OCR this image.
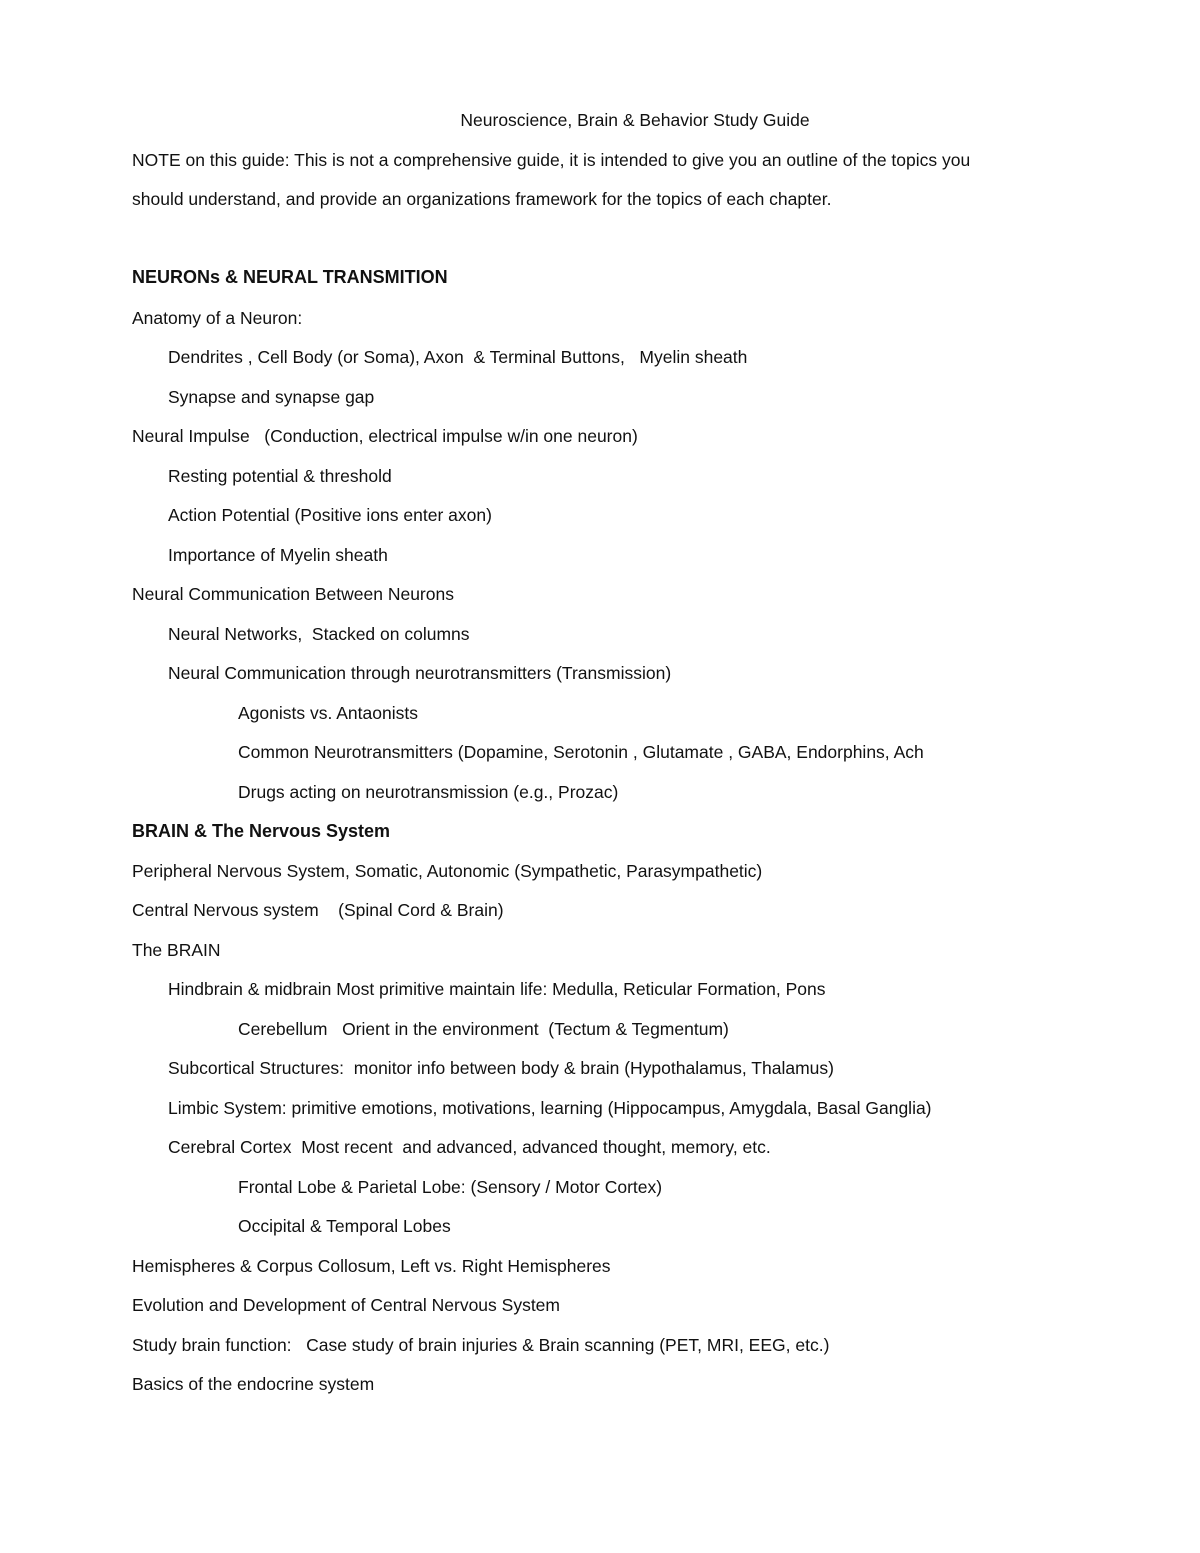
Neuroscience, Brain & Behavior Study Guide

NOTE on this guide: This is not a comprehensive guide, it is intended to give you an outline of the topics you

should understand, and provide an organizations framework for the topics of each chapter.

NEURONs & NEURAL TRANSMITION

Anatomy of a Neuron:

Dendrites , Cell Body (or Soma), Axon  & Terminal Buttons,   Myelin sheath

Synapse and synapse gap

Neural Impulse   (Conduction, electrical impulse w/in one neuron)

Resting potential & threshold

Action Potential (Positive ions enter axon)

Importance of Myelin sheath

Neural Communication Between Neurons

Neural Networks,  Stacked on columns

Neural Communication through neurotransmitters (Transmission)

Agonists vs. Antaonists

Common Neurotransmitters (Dopamine, Serotonin , Glutamate , GABA, Endorphins, Ach

Drugs acting on neurotransmission (e.g., Prozac)

BRAIN & The Nervous System

Peripheral Nervous System, Somatic, Autonomic (Sympathetic, Parasympathetic)

Central Nervous system    (Spinal Cord & Brain)

The BRAIN

Hindbrain & midbrain Most primitive maintain life: Medulla, Reticular Formation, Pons

Cerebellum   Orient in the environment  (Tectum & Tegmentum)

Subcortical Structures:  monitor info between body & brain (Hypothalamus, Thalamus)

Limbic System: primitive emotions, motivations, learning (Hippocampus, Amygdala, Basal Ganglia)

Cerebral Cortex  Most recent  and advanced, advanced thought, memory, etc.

Frontal Lobe & Parietal Lobe: (Sensory / Motor Cortex)

Occipital & Temporal Lobes

Hemispheres & Corpus Collosum, Left vs. Right Hemispheres

Evolution and Development of Central Nervous System

Study brain function:   Case study of brain injuries & Brain scanning (PET, MRI, EEG, etc.)

Basics of the endocrine system
